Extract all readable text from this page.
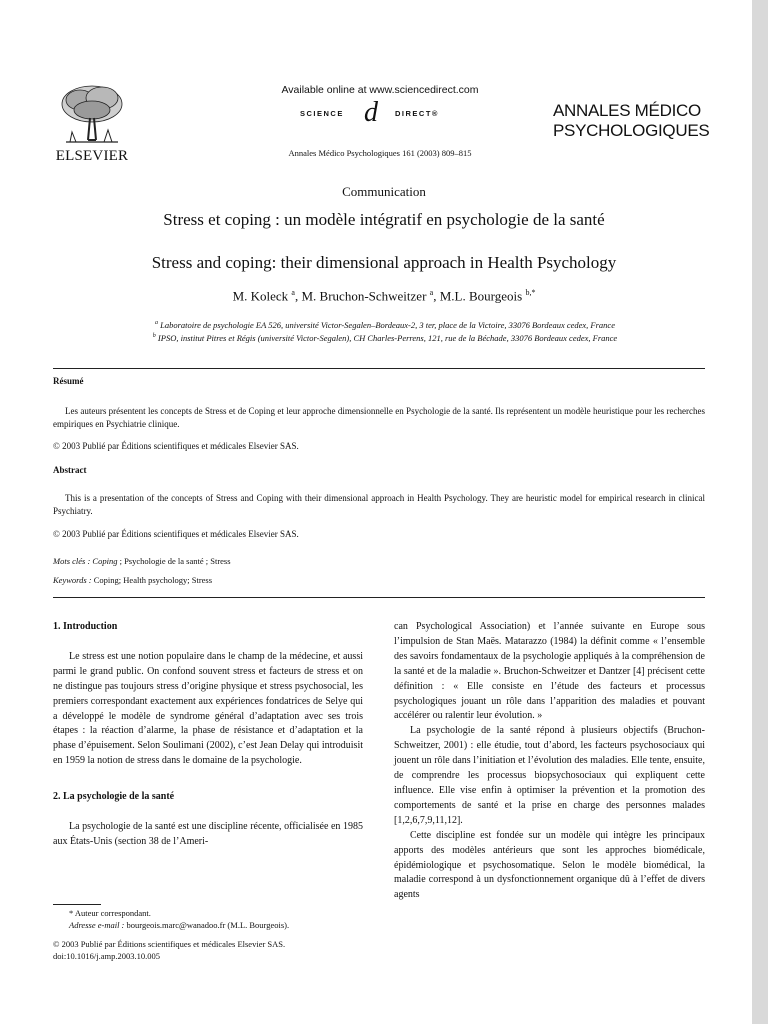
ELSEVIER
Available online at www.sciencedirect.com
SCIENCE d	DIRECT®
Annales Médico Psychologiques 161 (2003) 809–815
ANNALES MÉDICO
PSYCHOLOGIQUES
Communication
Stress et coping : un modèle intégratif en psychologie de la santé
Stress and coping: their dimensional approach in Health Psychology
M. Koleck $^a$, M. Bruchon-Schweitzer $^a$, M.L. Bourgeois $^{b,*}$
$^a$ Laboratoire de psychologie EA 526, université Victor-Segalen–Bordeaux-2, 3 ter, place de la Victoire, 33076 Bordeaux cedex, France
$^b$ IPSO, institut Pitres et Régis (université Victor-Segalen), CH Charles-Perrens, 121, rue de la Béchade, 33076 Bordeaux cedex, France
Résumé
Les auteurs présentent les concepts de Stress et de Coping et leur approche dimensionnelle en Psychologie de la santé. Ils représentent un modèle heuristique pour les recherches empiriques en Psychiatrie clinique.
© 2003 Publié par Éditions scientifiques et médicales Elsevier SAS.
Abstract
This is a presentation of the concepts of Stress and Coping with their dimensional approach in Health Psychology. They are heuristic model for empirical research in clinical Psychiatry.
© 2003 Publié par Éditions scientifiques et médicales Elsevier SAS.
Mots clés : Coping ; Psychologie de la santé ; Stress
Keywords : Coping; Health psychology; Stress

1. Introduction

Le stress est une notion populaire dans le champ de la médecine, et aussi parmi le grand public. On confond souvent stress et facteurs de stress et on ne distingue pas toujours stress d’origine physique et stress psychosocial, les premiers correspondant exactement aux expériences fondatrices de Selye qui a développé le modèle de syndrome général d’adaptation avec ses trois étapes : la réaction d’alarme, la phase de résistance et d’adaptation et la phase d’épuisement. Selon Soulimani (2002), c’est Jean Delay qui introduisit en 1959 la notion de stress dans le domaine de la psychologie.

2. La psychologie de la santé

La psychologie de la santé est une discipline récente, officialisée en 1985 aux États-Unis (section 38 de l’Ameri-

can Psychological Association) et l’année suivante en Europe sous l’impulsion de Stan Maës. Matarazzo (1984) la définit comme « l’ensemble des savoirs fondamentaux de la psychologie appliqués à la compréhension de la santé et de la maladie ». Bruchon-Schweitzer et Dantzer [4] précisent cette définition : « Elle consiste en l’étude des facteurs et processus psychologiques jouant un rôle dans l’apparition des maladies et pouvant accélérer ou ralentir leur évolution. »

La psychologie de la santé répond à plusieurs objectifs (Bruchon-Schweitzer, 2001) : elle étudie, tout d’abord, les facteurs psychosociaux qui jouent un rôle dans l’initiation et l’évolution des maladies. Elle tente, ensuite, de comprendre les processus biopsychosociaux qui expliquent cette influence. Elle vise enfin à optimiser la prévention et la promotion des comportements de santé et la prise en charge des personnes malades [1,2,6,7,9,11,12].

Cette discipline est fondée sur un modèle qui intègre les principaux apports des modèles antérieurs que sont les approches biomédicale, épidémiologique et psychosomatique. Selon le modèle biomédical, la maladie correspond à un dysfonctionnement organique dû à l’effet de divers agents

* Auteur correspondant.
Adresse e-mail : bourgeois.marc@wanadoo.fr (M.L. Bourgeois).
© 2003 Publié par Éditions scientifiques et médicales Elsevier SAS.
doi:10.1016/j.amp.2003.10.005
